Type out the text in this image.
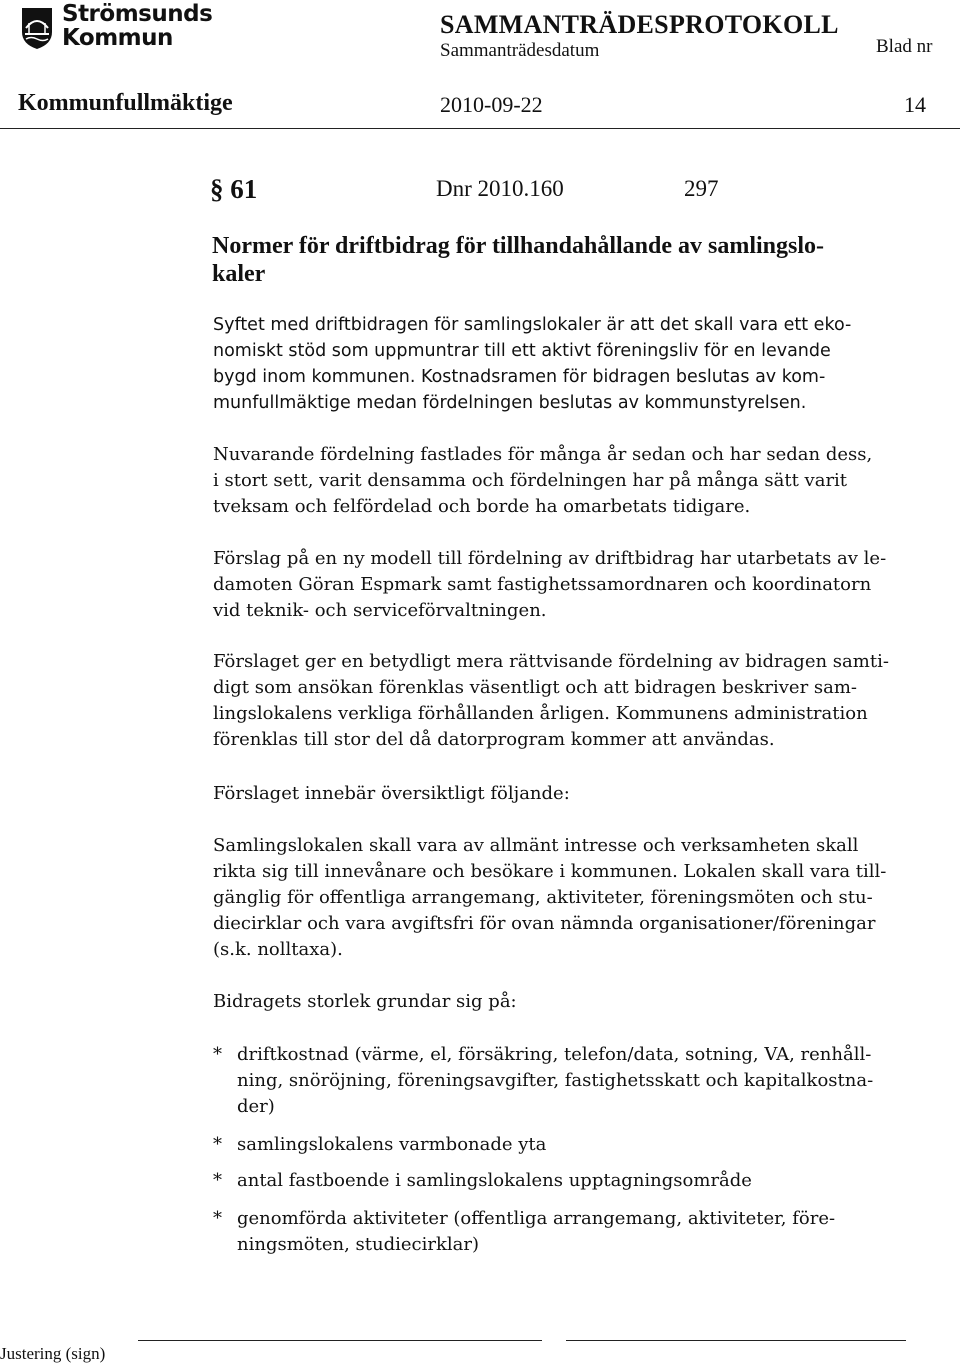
Strömsunds
Kommun	SAMMANTRÄDESPROTOKOLL
Sammanträdesdatum	Blad nr
Kommunfullmäktige	2010-09-22	14
§ 61	Dnr 2010.160	297
Normer för driftbidrag för tillhandahållande av samlingslo-
kaler
Syftet med driftbidragen för samlingslokaler är att det skall vara ett eko-
nomiskt stöd som uppmuntrar till ett aktivt föreningsliv för en levande
bygd inom kommunen. Kostnadsramen för bidragen beslutas av kom-
munfullmäktige medan fördelningen beslutas av kommunstyrelsen.
Nuvarande fördelning fastlades för många år sedan och har sedan dess,
i stort sett, varit densamma och fördelningen har på många sätt varit
tveksam och felfördelad och borde ha omarbetats tidigare.
Förslag på en ny modell till fördelning av driftbidrag har utarbetats av le-
damoten Göran Espmark samt fastighetssamordnaren och koordinatorn
vid teknik- och serviceförvaltningen.
Förslaget ger en betydligt mera rättvisande fördelning av bidragen samti-
digt som ansökan förenklas väsentligt och att bidragen beskriver sam-
lingslokalens verkliga förhållanden årligen. Kommunens administration
förenklas till stor del då datorprogram kommer att användas.
Förslaget innebär översiktligt följande:
Samlingslokalen skall vara av allmänt intresse och verksamheten skall
rikta sig till innevånare och besökare i kommunen. Lokalen skall vara till-
gänglig för offentliga arrangemang, aktiviteter, föreningsmöten och stu-
diecirklar och vara avgiftsfri för ovan nämnda organisationer/föreningar
(s.k. nolltaxa).
Bidragets storlek grundar sig på:
* driftkostnad (värme, el, försäkring, telefon/data, sotning, VA, renhåll-
ning, snöröjning, föreningsavgifter, fastighetsskatt och kapitalkostna-
der)
* samlingslokalens varmbonade yta
* antal fastboende i samlingslokalens upptagningsområde
* genomförda aktiviteter (offentliga arrangemang, aktiviteter, före-
ningsmöten, studiecirklar)
Justering (sign)
